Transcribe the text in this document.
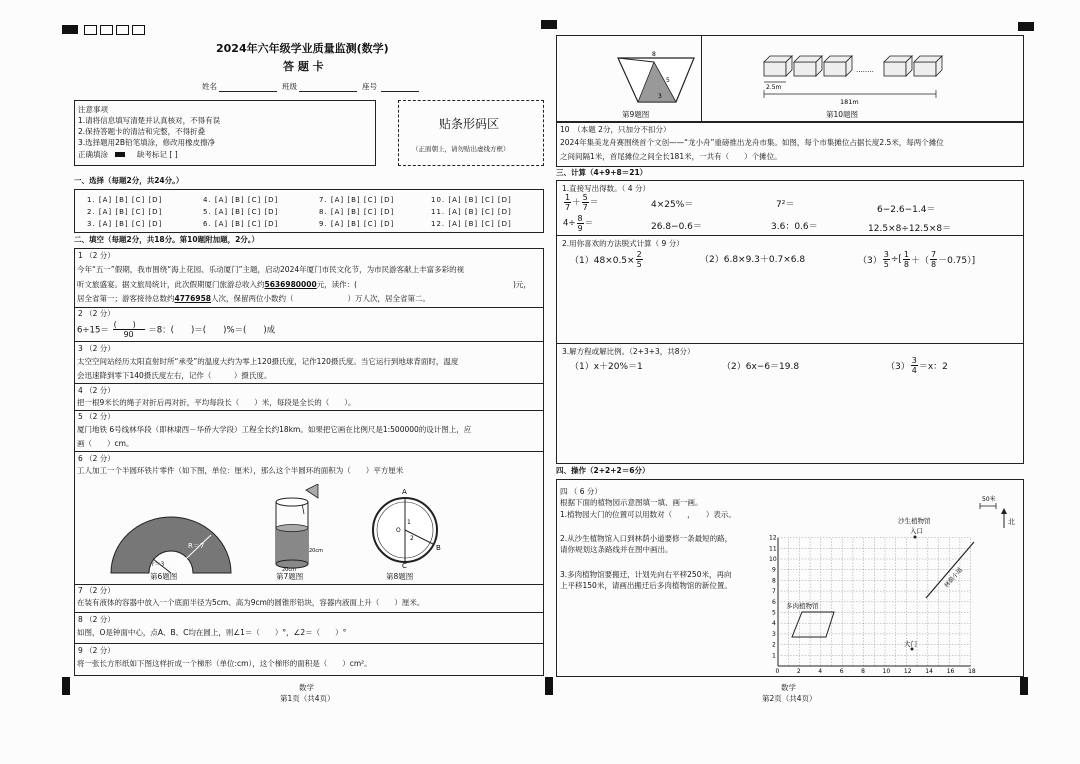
2024年六年级学业质量监测(数学)
答 题 卡
姓名	班级	座号
注意事项
1.请将信息填写清楚并认真核对，不得有误
2.保持答题卡的清洁和完整，不得折叠
3.选择题用2B铅笔填涂，修改用橡皮擦净
正确填涂	缺考标记 [ ]
贴条形码区
（正面朝上，请勿贴出虚线方框）
一、选择（每题2分，共24分。）
1. [A] [B] [C] [D]	4. [A] [B] [C] [D]	7. [A] [B] [C] [D]	10. [A] [B] [C] [D]
2. [A] [B] [C] [D]	5. [A] [B] [C] [D]	8. [A] [B] [C] [D]	11. [A] [B] [C] [D]
3. [A] [B] [C] [D]	6. [A] [B] [C] [D]	9. [A] [B] [C] [D]	12. [A] [B] [C] [D]
二、填空（每题2分，共18分。第10题附加题，2分。）
1 （2 分）
今年“五一”假期，我市围绕“海上花园、乐动厦门”主题，启动2024年厦门市民文化节，为市民游客献上丰富多彩的视
听文旅盛宴。据文旅局统计，此次假期厦门旅游总收入约5636980000元，读作：(	)元，
居全省第一；游客接待总数约4776958人次，保留两位小数约（	）万人次，居全省第二。
2 （2 分）
$6\div 15= \frac{( )}{90} =8$：(　　)＝(　　)%＝(　　)成
3 （2 分）
太空空间站经历太阳直射时所“承受”的温度大约为零上120摄氏度，记作120摄氏度。当它运行到地球背面时，温度
会迅速降到零下140摄氏度左右，记作（　　　）摄氏度。
4 （2 分）
把一根9米长的绳子对折后再对折，平均每段长（　　）米，每段是全长的（　　）。
5 （2 分）
厦门地铁 6号线林华段（即林埭西－华侨大学段）工程全长约18km。如果把它画在比例尺是1:500000的设计图上，应
画（　　）cm。
6 （2 分）
工人加工一个半圆环铁片零件（如下图，单位：厘米），那么这个半圆环的面积为（　　）平方厘米
R＝7
r＝3
第6题图
20cm
20cm
第7题图
A
B
C
O
1
2
第8题图
7 （2 分）
在装有液体的容器中放入一个底面半径为5cm、高为9cm的圆锥形铅块，容器内液面上升（　　）厘米。
8 （2 分）
如图，O是钟面中心，点A、B、C均在圆上，则∠1＝（　　）°，∠2＝（　　）°
9 （2 分）
将一张长方形纸如下图这样折成一个梯形（单位:cm），这个梯形的面积是（　　）cm²。
数学
第1页（共4页）
8
5
3
第9题图
........
2.5m
181m
第10题图
10　（本题 2分，只加分不扣分）
2024年集美龙舟赛围绕首个文创——“龙小舟”重磅推出龙舟市集。如图，每个市集摊位占据长度2.5米，每两个摊位
之间间隔1米，首尾摊位之间全长181米，一共有（　　）个摊位。
三、计算（4+9+8＝21）
1.直接写出得数。（ 4 分）
$\frac{1}{7} + \frac{5}{7}$ ＝	4×25%＝	7²＝	6−2.6−1.4＝
$4\div \frac{8}{9}$ ＝	26.8−0.6＝	3.6：0.6＝	12.5×8÷12.5×8＝
2.用你喜欢的方法脱式计算（ 9 分）
$(1)48\times 0.5\times \frac{2}{5}$	（2）6.8×9.3＋0.7×6.8	$(3) \frac{3}{5}$ ÷[ $\frac{1}{8}$ ＋（ $\frac{7}{8} -0.75$）]
3.解方程或解比例。（2+3+3，共8分）
（1）x＋20%＝1	（2）6x−6＝19.8	$(3) \frac{3}{4} =x$：2
四、操作（2+2+2＝6分）
四 （ 6 分）
根据下面的植物园示意图填一填、画一画。
1.植物园大门的位置可以用数对（　　，　　）表示。
2.从沙生植物馆入口到林荫小道要修一条最短的路，
请你规划这条路线并在图中画出。
3.多肉植物馆要搬迁，计划先向右平移250米，再向
上平移150米，请画出搬迁后多肉植物馆的新位置。
0	2	4	6	8	10 12 14 16 18
1
2
3
4
5
6
7
8
9
10
11
12
50米
北
沙生植物馆
入口
林荫小道
多肉植物馆
大门
数学
第2页（共4页）
